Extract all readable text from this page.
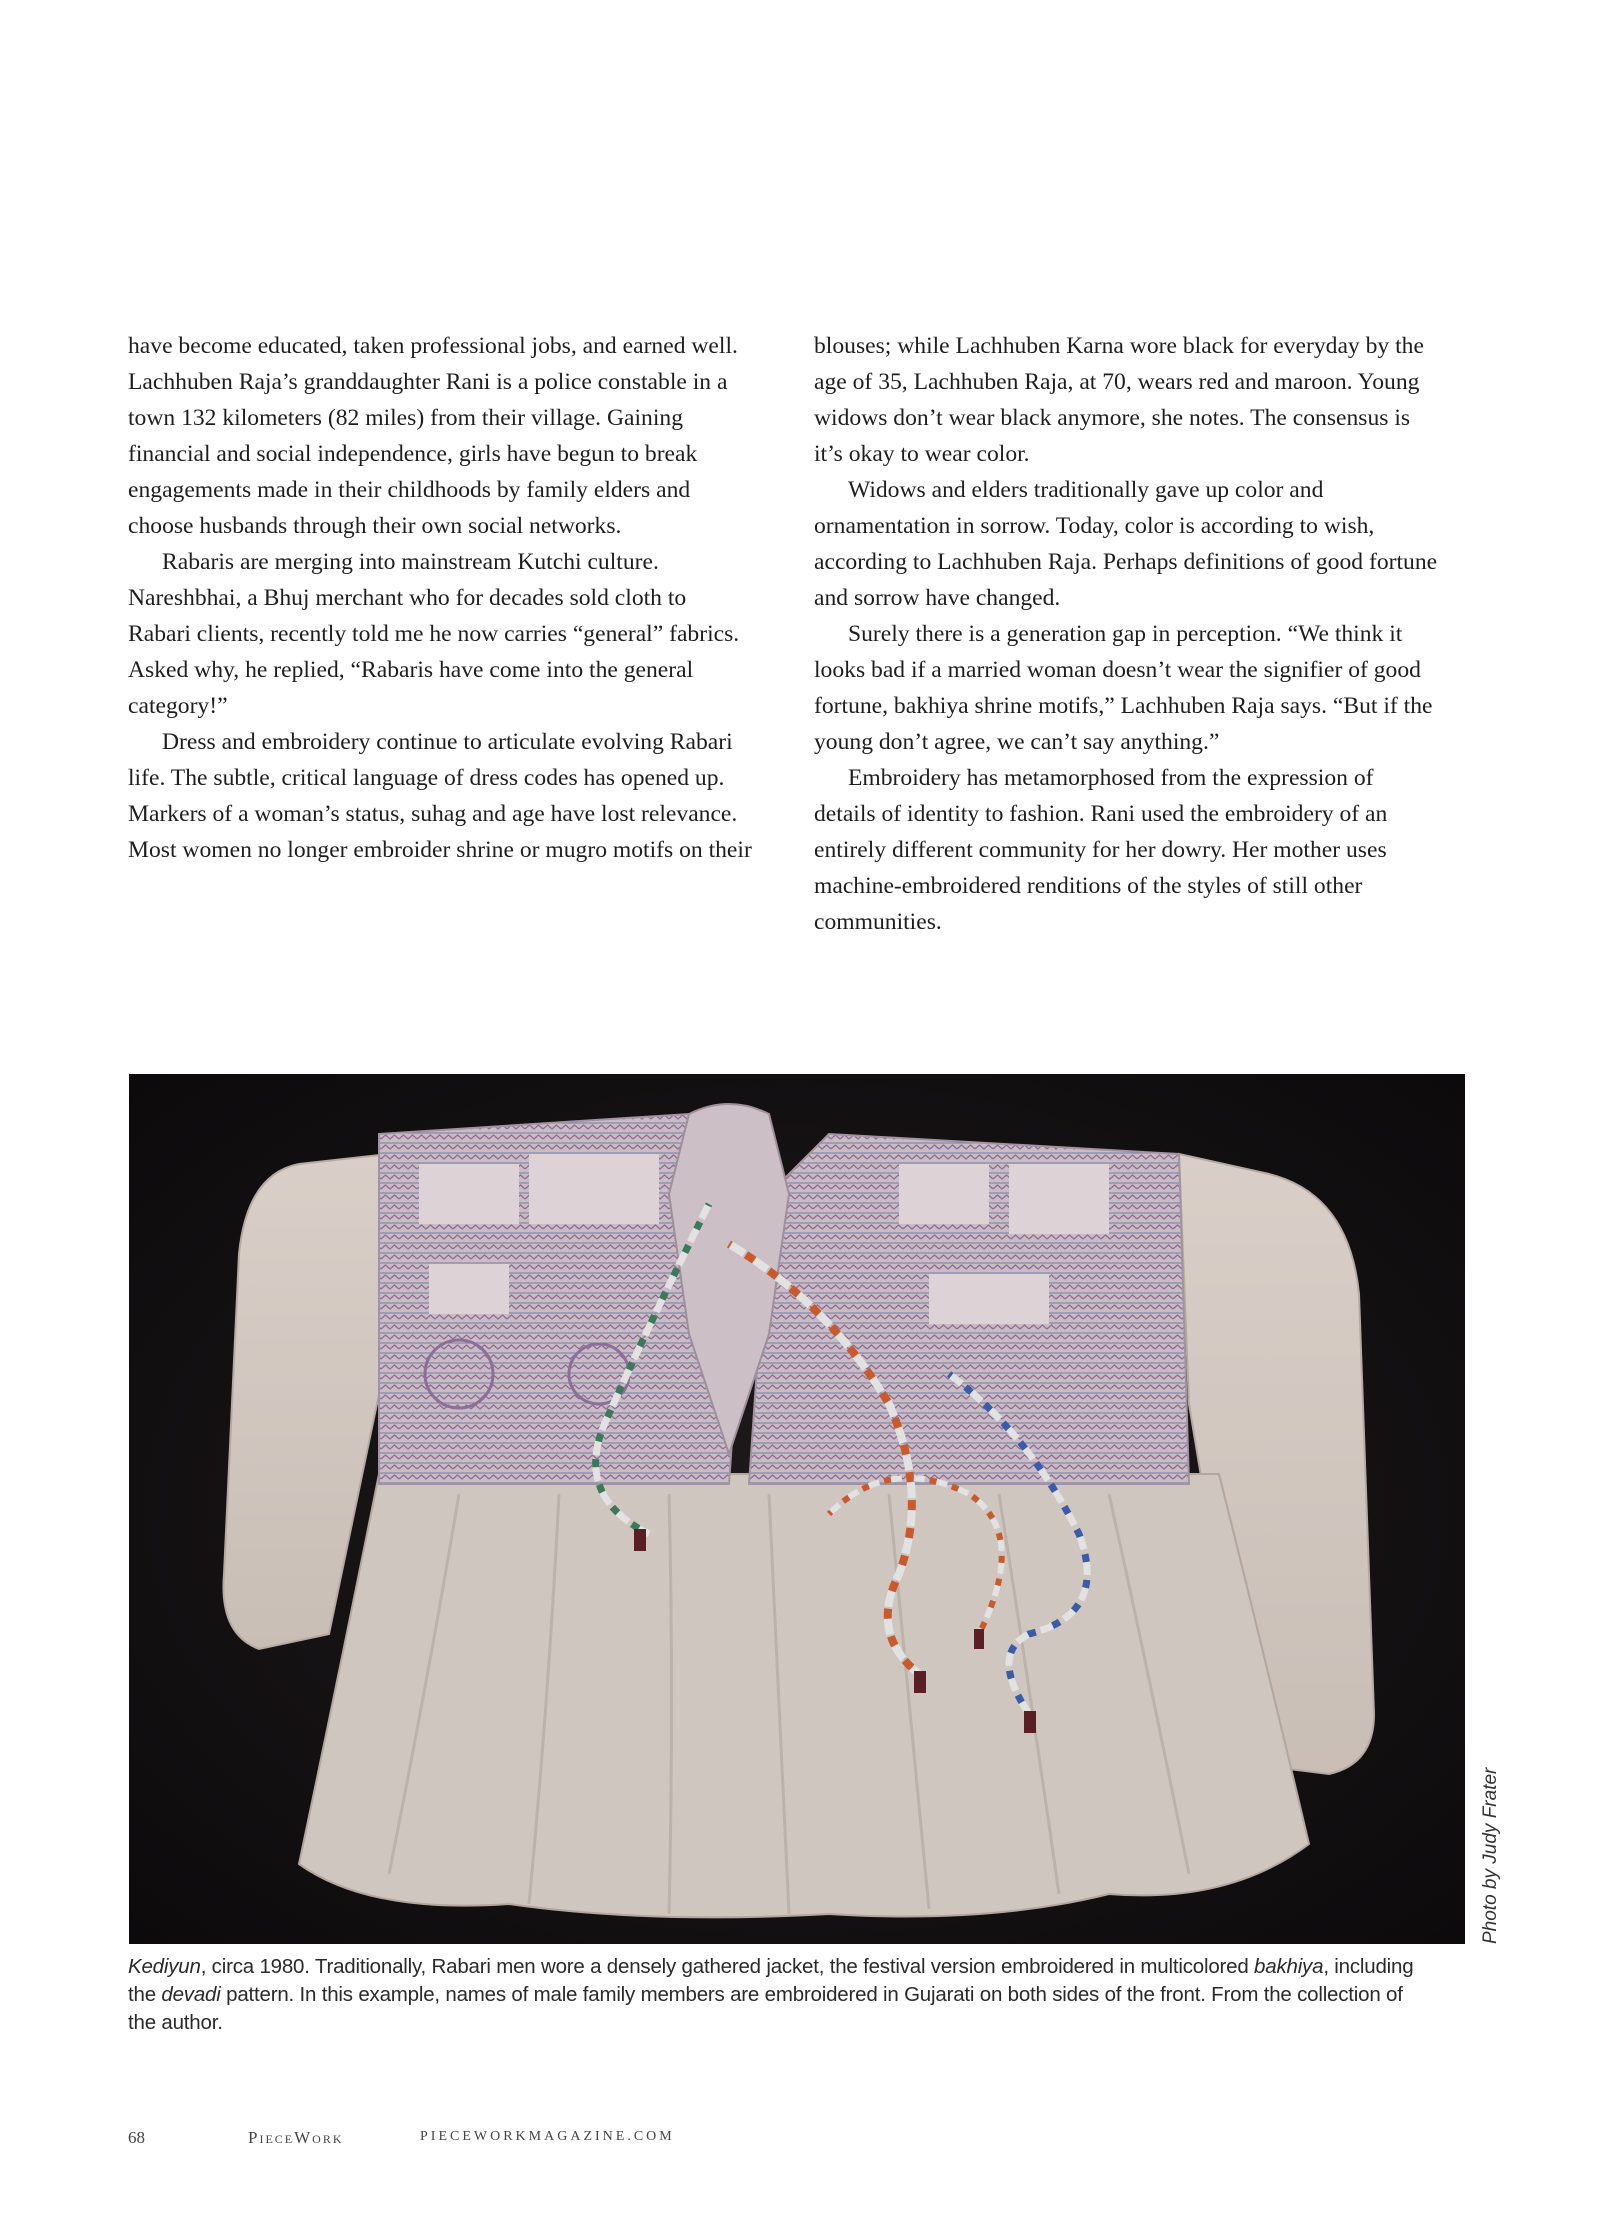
have become educated, taken professional jobs, and earned well. Lachhuben Raja’s granddaughter Rani is a police constable in a town 132 kilometers (82 miles) from their village. Gaining financial and social independence, girls have begun to break engagements made in their childhoods by family elders and choose husbands through their own social networks.

Rabaris are merging into mainstream Kutchi culture. Nareshbhai, a Bhuj merchant who for decades sold cloth to Rabari clients, recently told me he now carries “general” fabrics. Asked why, he replied, “Rabaris have come into the general category!”

Dress and embroidery continue to articulate evolving Rabari life. The subtle, critical language of dress codes has opened up. Markers of a woman’s status, suhag and age have lost relevance. Most women no longer embroider shrine or mugro motifs on their

blouses; while Lachhuben Karna wore black for everyday by the age of 35, Lachhuben Raja, at 70, wears red and maroon. Young widows don’t wear black anymore, she notes. The consensus is it’s okay to wear color.

Widows and elders traditionally gave up color and ornamentation in sorrow. Today, color is according to wish, according to Lachhuben Raja. Perhaps definitions of good fortune and sorrow have changed.

Surely there is a generation gap in perception. “We think it looks bad if a married woman doesn’t wear the signifier of good fortune, bakhiya shrine motifs,” Lachhuben Raja says. “But if the young don’t agree, we can’t say anything.”

Embroidery has metamorphosed from the expression of details of identity to fashion. Rani used the embroidery of an entirely different community for her dowry. Her mother uses machine-embroidered renditions of the styles of still other communities.

Photo by Judy Frater
Kediyun, circa 1980. Traditionally, Rabari men wore a densely gathered jacket, the festival version embroidered in multicolored bakhiya, including the devadi pattern. In this example, names of male family members are embroidered in Gujarati on both sides of the front. From the collection of the author.
68	PieceWork	PIECEWORKMAGAZINE.COM
